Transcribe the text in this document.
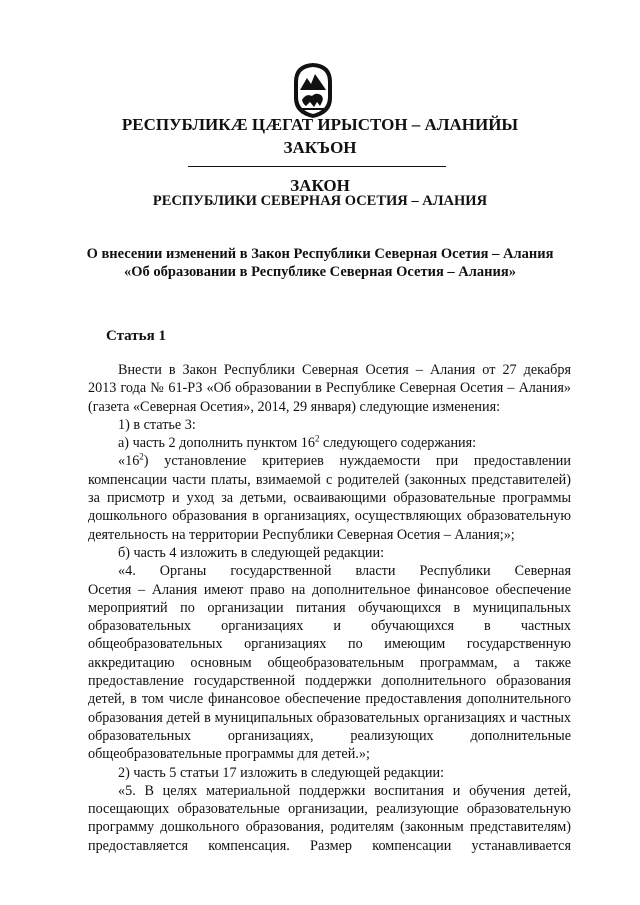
РЕСПУБЛИКӔ ЦӔГАТ ИРЫСТОН – АЛАНИЙЫ
ЗАКЪОН
ЗАКОН
РЕСПУБЛИКИ СЕВЕРНАЯ ОСЕТИЯ – АЛАНИЯ
О внесении изменений в Закон Республики Северная Осетия – Алания
«Об образовании в Республике Северная Осетия – Алания»
Статья 1
Внести в Закон Республики Северная Осетия – Алания от 27 декабря
2013 года № 61-РЗ «Об образовании в Республике Северная Осетия – Алания»
(газета «Северная Осетия», 2014, 29 января) следующие изменения:
1) в статье 3:
а) часть 2 дополнить пунктом $16^2$ следующего содержания:
«$16^2$) установление критериев нуждаемости при предоставлении
компенсации части платы, взимаемой с родителей (законных представителей)
за присмотр и уход за детьми, осваивающими образовательные программы
дошкольного образования в организациях, осуществляющих образовательную
деятельность на территории Республики Северная Осетия – Алания;»;
б) часть 4 изложить в следующей редакции:
«4. Органы государственной власти Республики Северная
Осетия – Алания имеют право на дополнительное финансовое обеспечение
мероприятий по организации питания обучающихся в муниципальных
образовательных организациях и обучающихся в частных
общеобразовательных организациях по имеющим государственную
аккредитацию основным общеобразовательным программам, а также
предоставление государственной поддержки дополнительного образования
детей, в том числе финансовое обеспечение предоставления дополнительного
образования детей в муниципальных образовательных организациях и частных
образовательных организациях, реализующих дополнительные
общеобразовательные программы для детей.»;
2) часть 5 статьи 17 изложить в следующей редакции:
«5. В целях материальной поддержки воспитания и обучения детей,
посещающих образовательные организации, реализующие образовательную
программу дошкольного образования, родителям (законным представителям)
предоставляется компенсация. Размер компенсации устанавливается
